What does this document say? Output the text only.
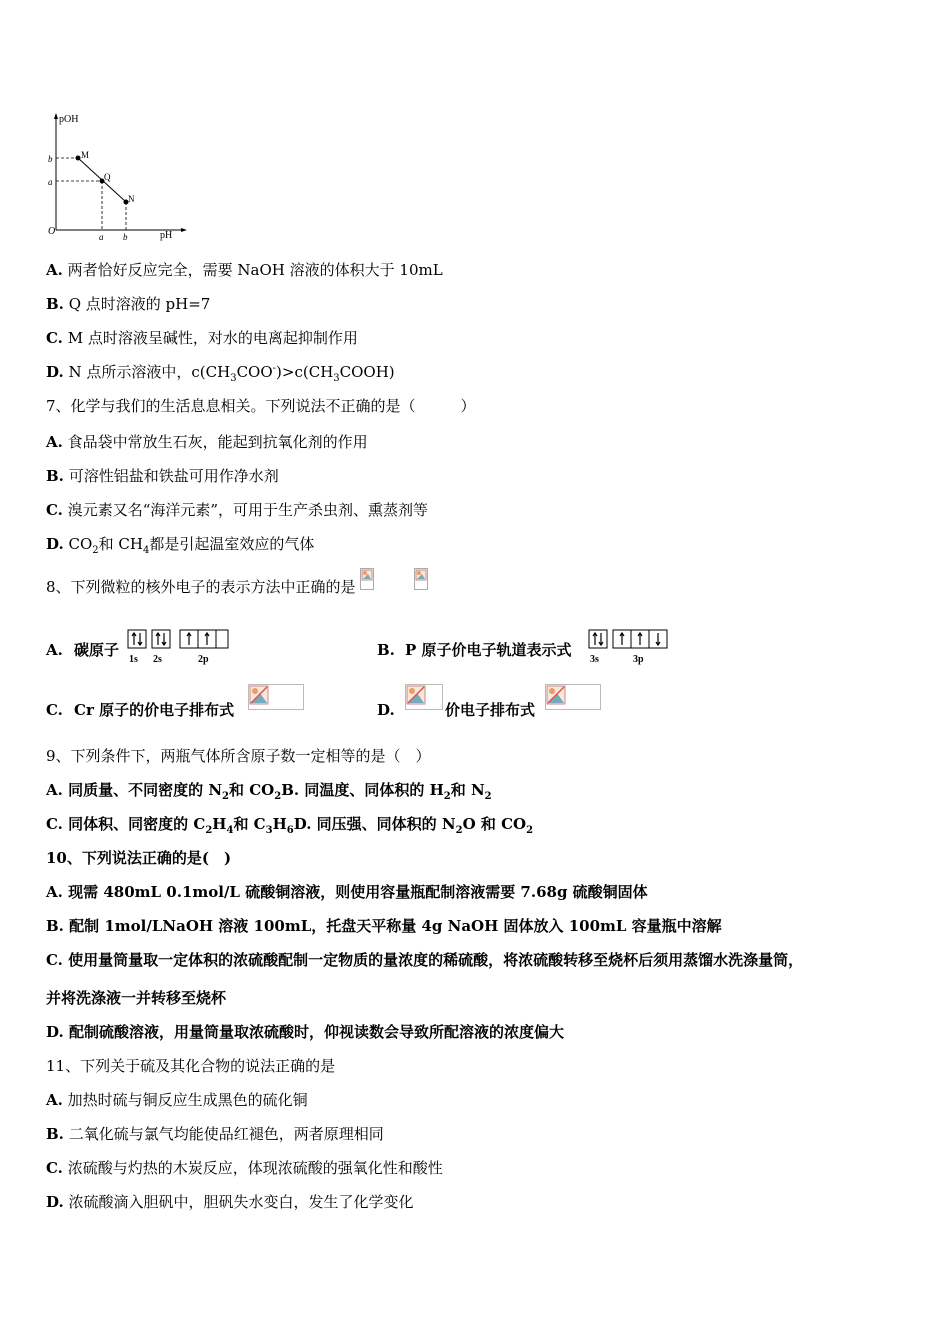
pOH
pH
O
b
a
a b
M
Q
N
A. 两者恰好反应完全，需要 NaOH 溶液的体积大于 10mL
B. Q 点时溶液的 pH=7
C. M 点时溶液呈碱性，对水的电离起抑制作用
D. N 点所示溶液中，$c(CH_3COO^-)>c(CH_3COOH)$
7、化学与我们的生活息息相关。下列说法不正确的是（　　　）
A. 食品袋中常放生石灰，能起到抗氧化剂的作用
B. 可溶性铝盐和铁盐可用作净水剂
C. 溴元素又名“海洋元素”，可用于生产杀虫剂、熏蒸剂等
D. $CO_2$和 $CH_4$都是引起温室效应的气体
8、下列微粒的核外电子的表示方法中正确的是
A. 碳原子
1s 2s	2p
B. P 原子价电子轨道表示式
3s	3p
C. Cr 原子的价电子排布式	D.	价电子排布式
9、下列条件下，两瓶气体所含原子数一定相等的是（　）
A. 同质量、不同密度的 $N_2$和 $CO_2B$. 同温度、同体积的 $H_2$和 $N_2$
C. 同体积、同密度的 $C_2H_4$和 $C_3H_6D$. 同压强、同体积的 $N_2O$ 和 $CO_2$
10、下列说法正确的是(　)
A. 现需 480mL 0.1mol/L 硫酸铜溶液，则使用容量瓶配制溶液需要 7.68g 硫酸铜固体
B. 配制 1mol/LNaOH 溶液 100mL，托盘天平称量 4g NaOH 固体放入 100mL 容量瓶中溶解
C. 使用量筒量取一定体积的浓硫酸配制一定物质的量浓度的稀硫酸，将浓硫酸转移至烧杯后须用蒸馏水洗涤量筒，
并将洗涤液一并转移至烧杯
D. 配制硫酸溶液，用量筒量取浓硫酸时，仰视读数会导致所配溶液的浓度偏大
11、下列关于硫及其化合物的说法正确的是
A. 加热时硫与铜反应生成黑色的硫化铜
B. 二氧化硫与氯气均能使品红褪色，两者原理相同
C. 浓硫酸与灼热的木炭反应，体现浓硫酸的强氧化性和酸性
D. 浓硫酸滴入胆矾中，胆矾失水变白，发生了化学变化
